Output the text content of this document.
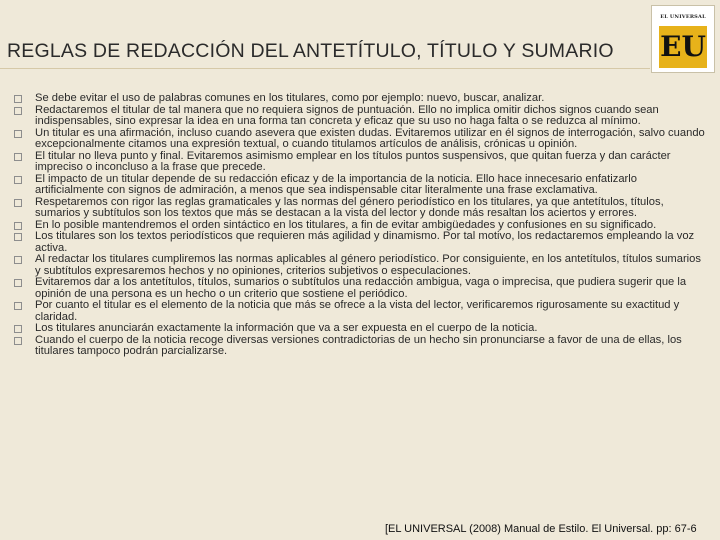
REGLAS DE REDACCIÓN DEL ANTETÍTULO, TÍTULO Y SUMARIO
EL UNIVERSAL
EU
Se debe evitar el uso de palabras comunes en los titulares, como por ejemplo: nuevo, buscar, analizar.
Redactaremos el titular de tal manera que no requiera signos de puntuación. Ello no implica omitir dichos signos cuando sean indispensables, sino expresar la idea en una forma tan concreta y eficaz que su uso no haga falta o se reduzca al mínimo.
Un titular es una afirmación, incluso cuando asevera que existen dudas. Evitaremos utilizar en él signos de interrogación, salvo cuando excepcionalmente citamos una expresión textual, o cuando titulamos artículos de análisis, crónicas u opinión.
El titular no lleva punto y final. Evitaremos asimismo emplear en los títulos puntos suspensivos, que quitan fuerza y dan carácter impreciso o inconcluso a la frase que precede.
El impacto de un titular depende de su redacción eficaz y de la importancia de la noticia. Ello hace innecesario enfatizarlo artificialmente con signos de admiración, a menos que sea indispensable citar literalmente una frase exclamativa.
Respetaremos con rigor las reglas gramaticales y las normas del género periodístico en los titulares, ya que antetítulos, títulos, sumarios y subtítulos son los textos que más se destacan a la vista del lector y donde más resaltan los aciertos y errores.
En lo posible mantendremos el orden sintáctico en los titulares, a fin de evitar ambigüedades y confusiones en su significado.
Los titulares son los textos periodísticos que requieren más agilidad y dinamismo. Por tal motivo, los redactaremos empleando la voz activa.
Al redactar los titulares cumpliremos las normas aplicables al género periodístico. Por consiguiente, en los antetítulos, títulos sumarios y subtítulos expresaremos hechos y no opiniones, criterios subjetivos o especulaciones.
Evitaremos dar a los antetítulos, títulos, sumarios o subtítulos una redacción ambigua, vaga o imprecisa, que pudiera sugerir que la opinión de una persona es un hecho o un criterio que sostiene el periódico.
Por cuanto el titular es el elemento de la noticia que más se ofrece a la vista del lector, verificaremos rigurosamente su exactitud y claridad.
Los titulares anunciarán exactamente la información que va a ser expuesta en el cuerpo de la noticia.
Cuando el cuerpo de la noticia recoge diversas versiones contradictorias de un hecho sin pronunciarse a favor de una de ellas, los titulares tampoco podrán parcializarse.
[EL UNIVERSAL (2008) Manual de Estilo. El Universal. pp: 67-6
